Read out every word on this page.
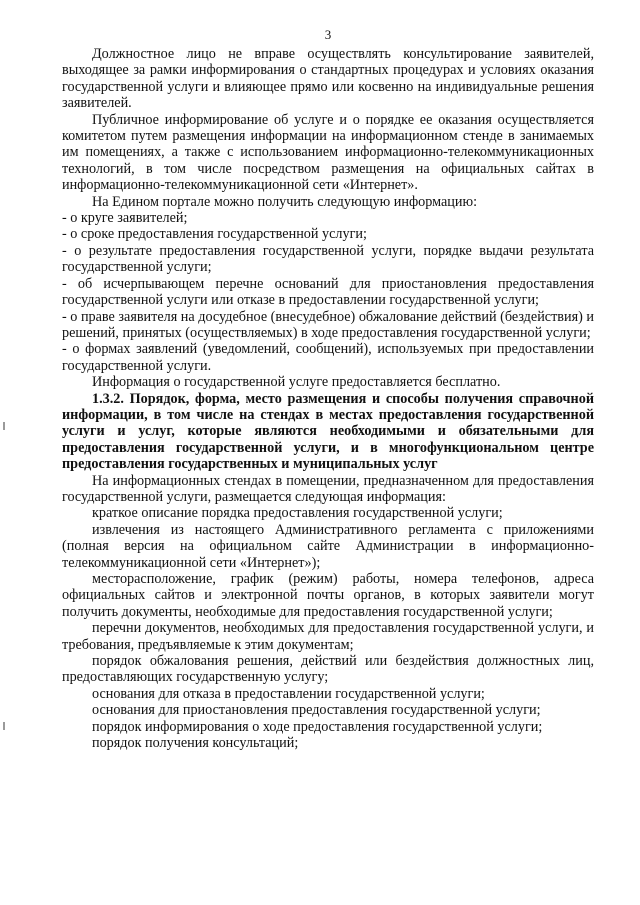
3

Должностное лицо не вправе осуществлять консультирование заявителей, выходящее за рамки информирования о стандартных процедурах и условиях оказания государственной услуги и влияющее прямо или косвенно на индивидуальные решения заявителей.

Публичное информирование об услуге и о порядке ее оказания осуществляется комитетом путем размещения информации на информационном стенде в занимаемых им помещениях, а также с использованием информационно-телекоммуникационных технологий, в том числе посредством размещения на официальных сайтах в информационно-телекоммуникационной сети «Интернет».

На Едином портале можно получить следующую информацию:

- о круге заявителей;

- о сроке предоставления государственной услуги;

- о результате предоставления государственной услуги, порядке выдачи результата государственной услуги;

- об исчерпывающем перечне оснований для приостановления предоставления государственной услуги или отказе в предоставлении государственной услуги;

- о праве заявителя на досудебное (внесудебное) обжалование действий (бездействия) и решений, принятых (осуществляемых) в ходе предоставления государственной услуги;

- о формах заявлений (уведомлений, сообщений), используемых при предоставлении государственной услуги.

Информация о государственной услуге предоставляется бесплатно.

1.3.2. Порядок, форма, место размещения и способы получения справочной информации, в том числе на стендах в местах предоставления государственной услуги и услуг, которые являются необходимыми и обязательными для предоставления государственной услуги, и в многофункциональном центре предоставления государственных и муниципальных услуг

На информационных стендах в помещении, предназначенном для предоставления государственной услуги, размещается следующая информация:

краткое описание порядка предоставления государственной услуги;

извлечения из настоящего Административного регламента с приложениями (полная версия на официальном сайте Администрации в информационно-телекоммуникационной сети «Интернет»);

месторасположение, график (режим) работы, номера телефонов, адреса официальных сайтов и электронной почты органов, в которых заявители могут получить документы, необходимые для предоставления государственной услуги;

перечни документов, необходимых для предоставления государственной услуги, и требования, предъявляемые к этим документам;

порядок обжалования решения, действий или бездействия должностных лиц, предоставляющих государственную услугу;

основания для отказа в предоставлении государственной услуги;

основания для приостановления предоставления государственной услуги;

порядок информирования о ходе предоставления государственной услуги;

порядок получения консультаций;
